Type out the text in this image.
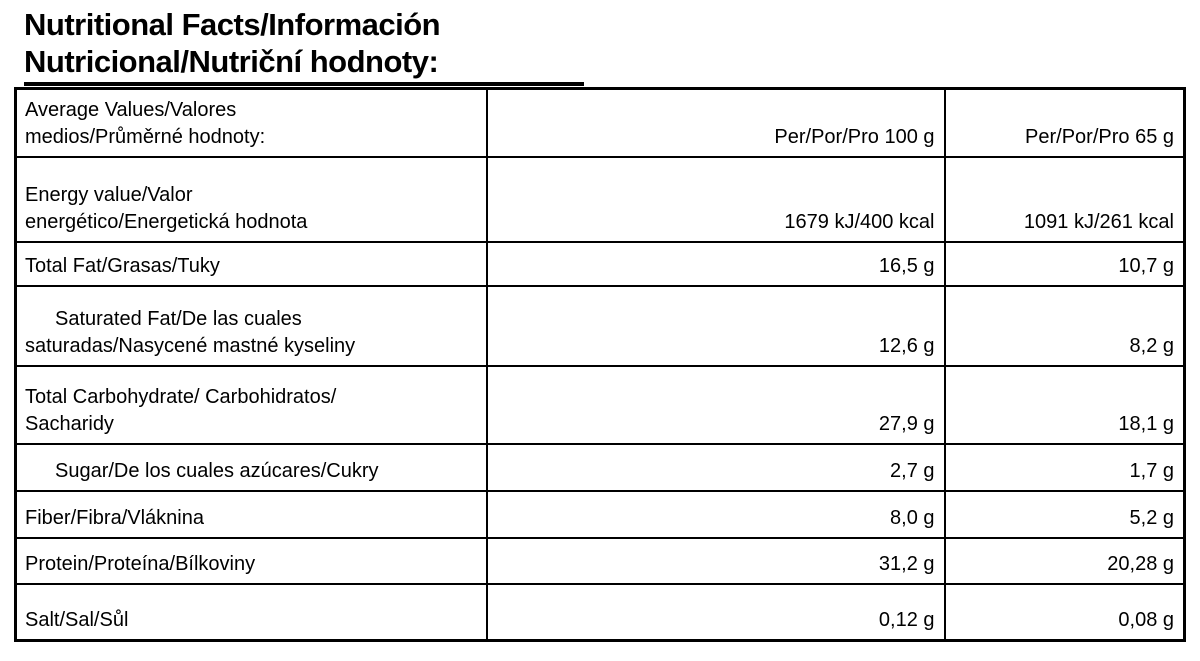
Nutritional Facts/Información Nutricional/Nutriční hodnoty:
Average Values/Valores medios/Průměrné hodnoty:	Per/Por/Pro 100 g	Per/Por/Pro 65 g

Energy value/Valor energético/Energetická hodnota	1679 kJ/400 kcal	1091 kJ/261 kcal

Total Fat/Grasas/Tuky	16,5 g	10,7 g

Saturated Fat/De las cuales saturadas/Nasycené mastné kyseliny	12,6 g	8,2 g

Total Carbohydrate/ Carbohidratos/ Sacharidy	27,9 g	18,1 g

Sugar/De los cuales azúcares/Cukry	2,7 g	1,7 g

Fiber/Fibra/Vláknina	8,0 g	5,2 g

Protein/Proteína/Bílkoviny	31,2 g	20,28 g

Salt/Sal/Sůl	0,12 g	0,08 g
